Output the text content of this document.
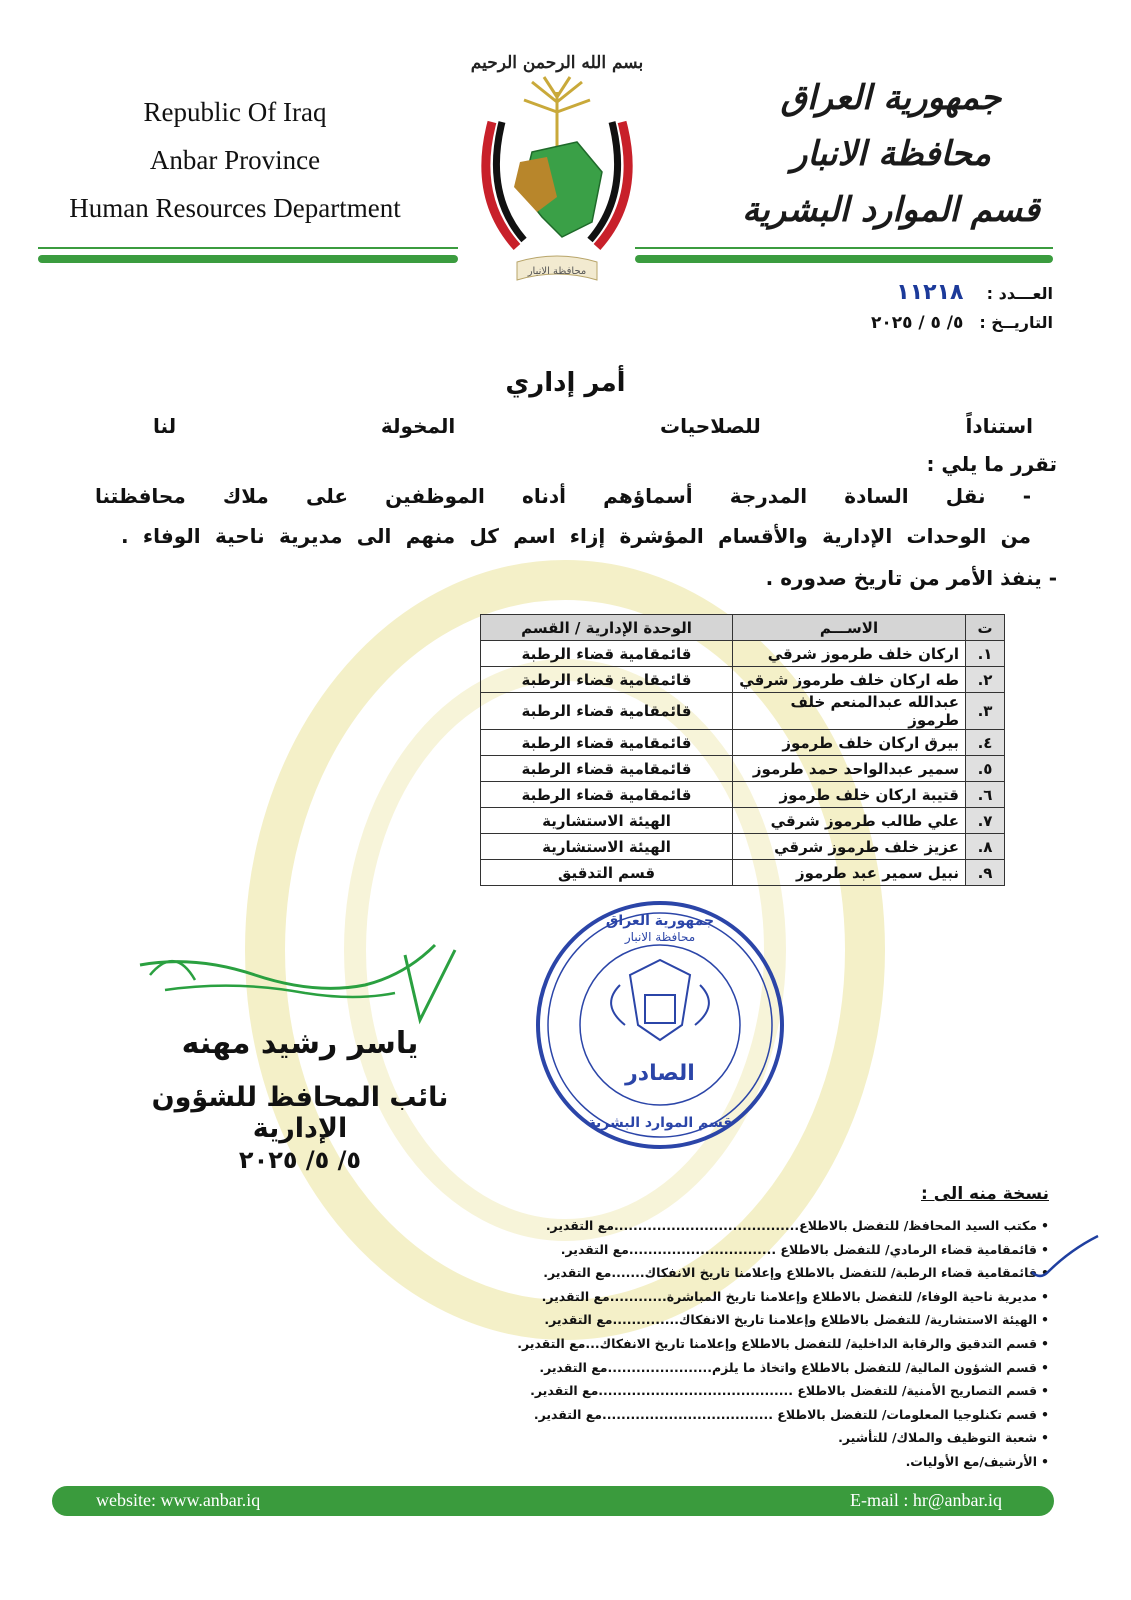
Republic Of Iraq
Anbar Province
Human Resources Department
جمهورية العراق
محافظة الانبار
قسم الموارد البشرية
بسم الله الرحمن الرحيم
محافظة الانبار
العـــدد : ١١٢١٨
التاريــخ : ٥/ ٥ / ٢٠٢٥
أمر إداري
استناداً للصلاحيات المخولة لنا
تقرر ما يلي :
- نقل السادة المدرجة أسماؤهم أدناه الموظفين على ملاك محافظتنا
من الوحدات الإدارية والأقسام المؤشرة إزاء اسم كل منهم الى مديرية ناحية الوفاء .
- ينفذ الأمر من تاريخ صدوره .
ت	الاســـم	الوحدة الإدارية / القسم
١.	اركان خلف طرموز شرقي	قائمقامية قضاء الرطبة
٢.	طه اركان خلف طرموز شرقي	قائمقامية قضاء الرطبة
٣.	عبدالله عبدالمنعم خلف طرموز	قائمقامية قضاء الرطبة
٤.	بيرق اركان خلف طرموز	قائمقامية قضاء الرطبة
٥.	سمير عبدالواحد حمد طرموز	قائمقامية قضاء الرطبة
٦.	قتيبة اركان خلف طرموز	قائمقامية قضاء الرطبة
٧.	علي طالب طرموز شرقي	الهيئة الاستشارية
٨.	عزيز خلف طرموز شرقي	الهيئة الاستشارية
٩.	نبيل سمير عبد طرموز	قسم التدقيق
جمهورية العراق
محافظة الانبار
الصادر
قسم الموارد البشرية
ياسر رشيد مهنه
نائب المحافظ للشؤون الإدارية
٥/ ٥/ ٢٠٢٥
نسخة منه الى :
• مكتب السيد المحافظ/ للتفضل بالاطلاع.......................................مع التقدير.
• قائمقامية قضاء الرمادي/ للتفضل بالاطلاع ...............................مع التقدير.
• قائمقامية قضاء الرطبة/ للتفضل بالاطلاع وإعلامنا تاريخ الانفكاك.......مع التقدير.
• مديرية ناحية الوفاء/ للتفضل بالاطلاع وإعلامنا تاريخ المباشرة............مع التقدير.
• الهيئة الاستشارية/ للتفضل بالاطلاع وإعلامنا تاريخ الانفكاك..............مع التقدير.
• قسم التدقيق والرقابة الداخلية/ للتفضل بالاطلاع وإعلامنا تاريخ الانفكاك...مع التقدير.
• قسم الشؤون المالية/ للتفضل بالاطلاع واتخاذ ما يلزم......................مع التقدير.
• قسم التصاريح الأمنية/ للتفضل بالاطلاع .........................................مع التقدير.
• قسم تكنلوجيا المعلومات/ للتفضل بالاطلاع ....................................مع التقدير.
• شعبة التوظيف والملاك/ للتأشير.
• الأرشيف/مع الأوليات.
website: www.anbar.iq	E-mail : hr@anbar.iq
